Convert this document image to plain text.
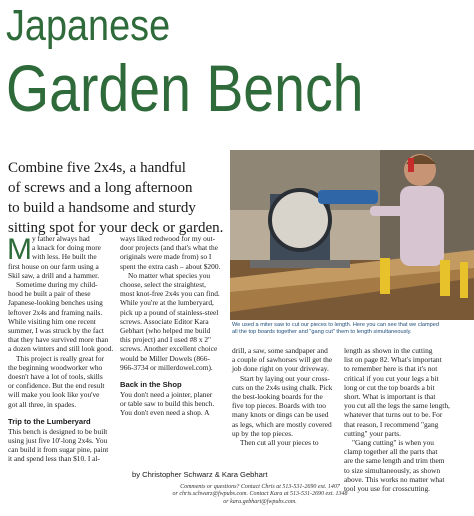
Japanese
Garden Bench
Combine five 2x4s, a handful
of screws and a long afternoon
to build a handsome and sturdy
sitting spot for your deck or garden.
We used a miter saw to cut our pieces to length. Here you can see that we clamped
all the top boards together and "gang cut" them to length simultaneously.
M y father always had
a knack for doing more
with less. He built the
first house on our farm using a
Skil saw, a drill and a hammer.
Sometime during my child-
hood he built a pair of these
Japanese-looking benches using
leftover 2x4s and framing nails.
While visiting him one recent
summer, I was struck by the fact
that they have survived more than
a dozen winters and still look good.
This project is really great for
the beginning woodworker who
doesn't have a lot of tools, skills
or confidence. But the end result
will make you look like you've
got all three, in spades.
Trip to the Lumberyard
This bench is designed to be built
using just five 10'-long 2x4s. You
can build it from sugar pine, paint
it and spend less than $10. I al-
ways liked redwood for my out-
door projects (and that's what the
originals were made from) so I
spent the extra cash – about $200.
No matter what species you
choose, select the straightest,
most knot-free 2x4s you can find.
While you're at the lumberyard,
pick up a pound of stainless-steel
screws. Associate Editor Kara
Gebhart (who helped me build
this project) and I used #8 x 2"
screws. Another excellent choice
would be Miller Dowels (866-
966-3734 or millerdowel.com).
Back in the Shop
You don't need a jointer, planer
or table saw to build this bench.
You don't even need a shop. A
drill, a saw, some sandpaper and
a couple of sawhorses will get the
job done right on your driveway.
Start by laying out your cross-
cuts on the 2x4s using chalk. Pick
the best-looking boards for the
five top pieces. Boards with too
many knots or dings can be used
as legs, which are mostly covered
up by the top pieces.
Then cut all your pieces to
length as shown in the cutting
list on page 82. What's important
to remember here is that it's not
critical if you cut your legs a bit
long or cut the top boards a bit
short. What is important is that
you cut all the legs the same length,
whatever that turns out to be. For
that reason, I recommend "gang
cutting" your parts.
"Gang cutting" is when you
clamp together all the parts that
are the same length and trim them
to size simultaneously, as shown
above. This works no matter what
tool you use for crosscutting.
by Christopher Schwarz & Kara Gebhart
Comments or questions? Contact Chris at 513-531-2690 ext. 1407
or chris.schwarz@fwpubs.com. Contact Kara at 513-531-2690 ext. 1348
or kara.gebhart@fwpubs.com.
